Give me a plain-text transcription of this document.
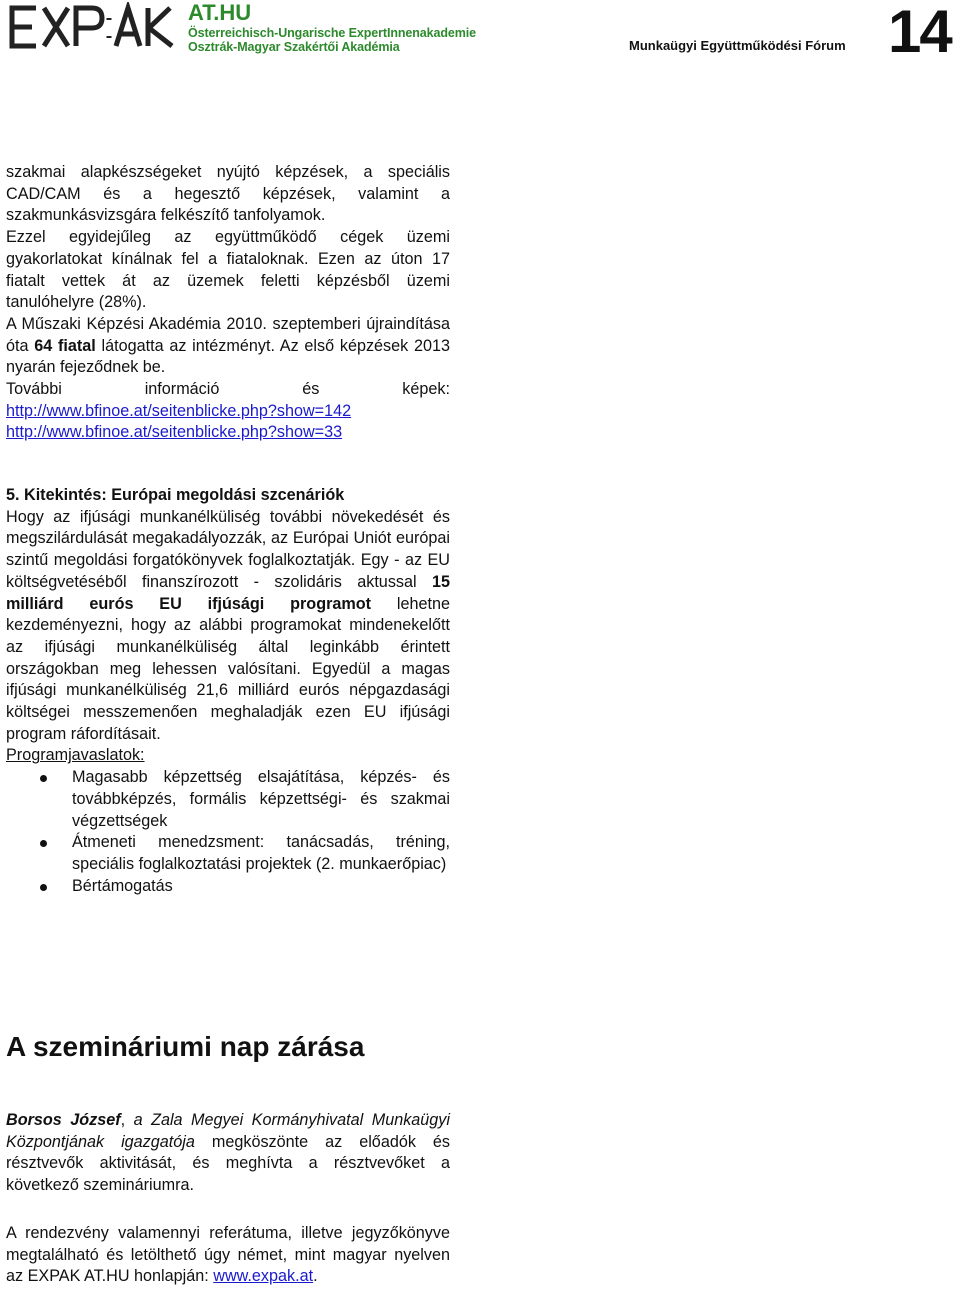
AT.HU
Österreichisch-Ungarische ExpertInnenakademie
Osztrák-Magyar Szakértői Akadémia	Munkaügyi Együttműködési Fórum 14

szakmai alapkészségeket nyújtó képzések, a speciális CAD/CAM és a hegesztő képzések, valamint a szakmunkásvizsgára felkészítő tanfolyamok.

Ezzel egyidejűleg az együttműködő cégek üzemi gyakorlatokat kínálnak fel a fiataloknak. Ezen az úton 17 fiatalt vettek át az üzemek feletti képzésből üzemi tanulóhelyre (28%).

A Műszaki Képzési Akadémia 2010. szeptemberi újraindítása óta 64 fiatal látogatta az intézményt. Az első képzések 2013 nyarán fejeződnek be.

További információ és képek:

http://www.bfinoe.at/seitenblicke.php?show=142

http://www.bfinoe.at/seitenblicke.php?show=33

5. Kitekintés: Európai megoldási szcenáriók

Hogy az ifjúsági munkanélküliség további növekedését és megszilárdulását megakadályozzák, az Európai Uniót európai szintű megoldási forgatókönyvek foglalkoztatják. Egy - az EU költségvetéséből finanszírozott - szolidáris aktussal 15 milliárd eurós EU ifjúsági programot lehetne kezdeményezni, hogy az alábbi programokat mindenekelőtt az ifjúsági munkanélküliség által leginkább érintett országokban meg lehessen valósítani. Egyedül a magas ifjúsági munkanélküliség 21,6 milliárd eurós népgazdasági költségei messzemenően meghaladják ezen EU ifjúsági program ráfordításait.

Programjavaslatok:

Magasabb képzettség elsajátítása, képzés- és továbbképzés, formális képzettségi- és szakmai végzettségek
Átmeneti menedzsment: tanácsadás, tréning, speciális foglalkoztatási projektek (2. munkaerőpiac)
Bértámogatás
A szemináriumi nap zárása

Borsos József, a Zala Megyei Kormányhivatal Munkaügyi Központjának igazgatója megköszönte az előadók és résztvevők aktivitását, és meghívta a résztvevőket a következő szemináriumra.

A rendezvény valamennyi referátuma, illetve jegyzőkönyve megtalálható és letölthető úgy német, mint magyar nyelven az EXPAK AT.HU honlapján: www.expak.at.
